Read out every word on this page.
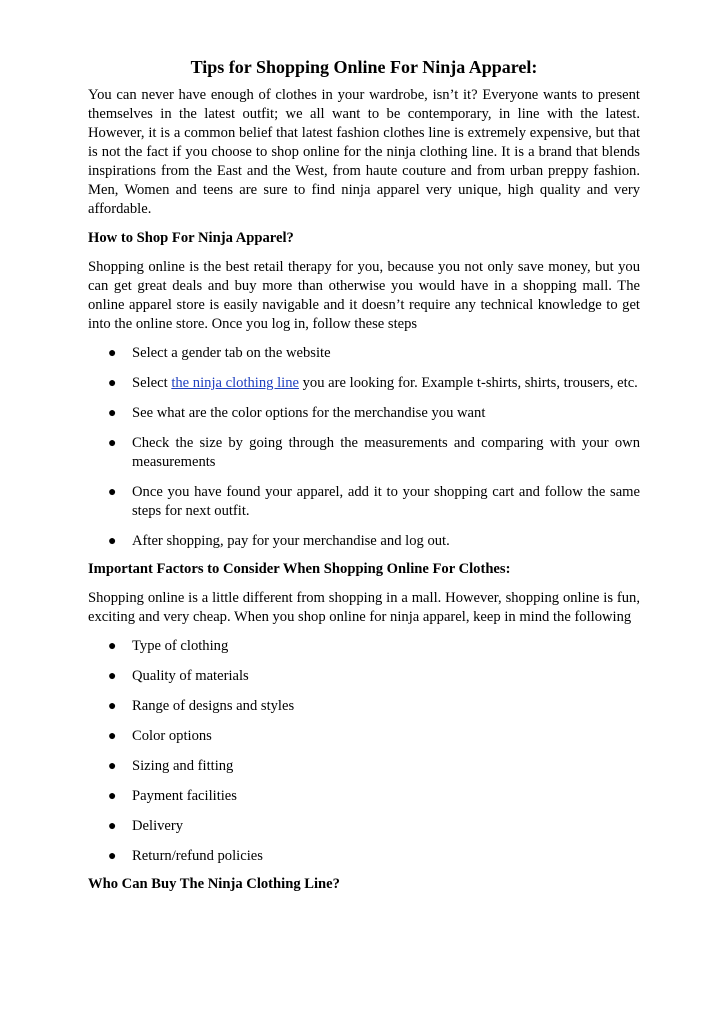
Tips for Shopping Online For Ninja Apparel:

You can never have enough of clothes in your wardrobe, isn’t it? Everyone wants to present themselves in the latest outfit; we all want to be contemporary, in line with the latest. However, it is a common belief that latest fashion clothes line is extremely expensive, but that is not the fact if you choose to shop online for the ninja clothing line. It is a brand that blends inspirations from the East and the West, from haute couture and from urban preppy fashion. Men, Women and teens are sure to find ninja apparel very unique, high quality and very affordable.

How to Shop For Ninja Apparel?

Shopping online is the best retail therapy for you, because you not only save money, but you can get great deals and buy more than otherwise you would have in a shopping mall. The online apparel store is easily navigable and it doesn’t require any technical knowledge to get into the online store. Once you log in, follow these steps

● Select a gender tab on the website
● Select the ninja clothing line you are looking for. Example t-shirts, shirts, trousers, etc.
● See what are the color options for the merchandise you want
● Check the size by going through the measurements and comparing with your own measurements
● Once you have found your apparel, add it to your shopping cart and follow the same steps for next outfit.
● After shopping, pay for your merchandise and log out.
Important Factors to Consider When Shopping Online For Clothes:

Shopping online is a little different from shopping in a mall. However, shopping online is fun, exciting and very cheap. When you shop online for ninja apparel, keep in mind the following

● Type of clothing
● Quality of materials
● Range of designs and styles
● Color options
● Sizing and fitting
● Payment facilities
● Delivery
● Return/refund policies
Who Can Buy The Ninja Clothing Line?
